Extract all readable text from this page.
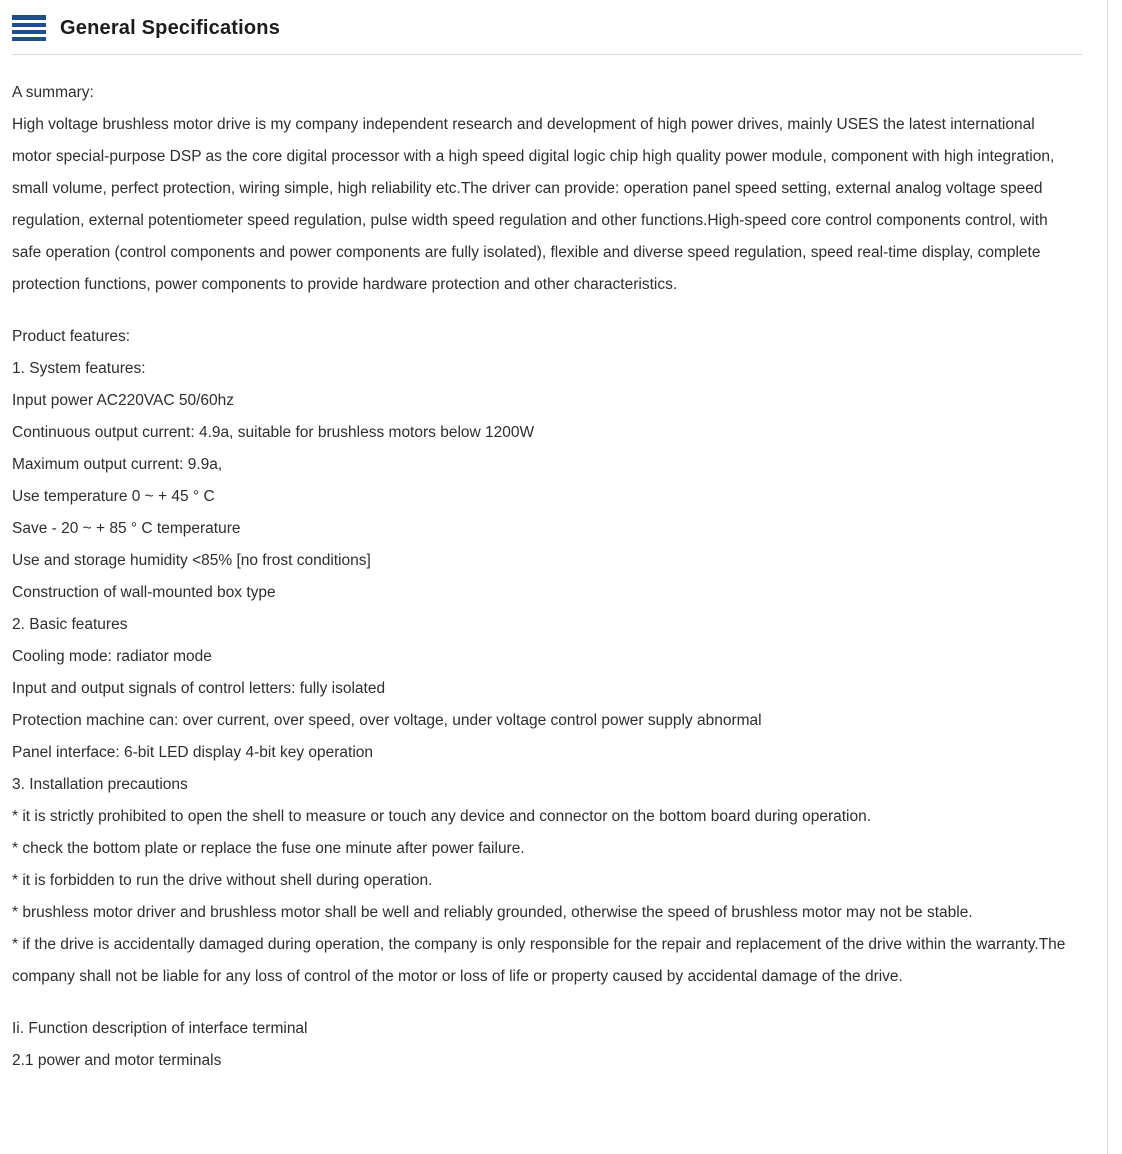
General Specifications

A summary:

High voltage brushless motor drive is my company independent research and development of high power drives, mainly USES the latest international motor special-purpose DSP as the core digital processor with a high speed digital logic chip high quality power module, component with high integration, small volume, perfect protection, wiring simple, high reliability etc.The driver can provide: operation panel speed setting, external analog voltage speed regulation, external potentiometer speed regulation, pulse width speed regulation and other functions.High-speed core control components control, with safe operation (control components and power components are fully isolated), flexible and diverse speed regulation, speed real-time display, complete protection functions, power components to provide hardware protection and other characteristics.

Product features:

1. System features:

Input power AC220VAC 50/60hz

Continuous output current: 4.9a, suitable for brushless motors below 1200W

Maximum output current: 9.9a,

Use temperature 0 ~ + 45 ° C

Save - 20 ~ + 85 ° C temperature

Use and storage humidity <85% [no frost conditions]

Construction of wall-mounted box type

2. Basic features

Cooling mode: radiator mode

Input and output signals of control letters: fully isolated

Protection machine can: over current, over speed, over voltage, under voltage control power supply abnormal

Panel interface: 6-bit LED display 4-bit key operation

3. Installation precautions

* it is strictly prohibited to open the shell to measure or touch any device and connector on the bottom board during operation.

* check the bottom plate or replace the fuse one minute after power failure.

* it is forbidden to run the drive without shell during operation.

* brushless motor driver and brushless motor shall be well and reliably grounded, otherwise the speed of brushless motor may not be stable.

* if the drive is accidentally damaged during operation, the company is only responsible for the repair and replacement of the drive within the warranty.The company shall not be liable for any loss of control of the motor or loss of life or property caused by accidental damage of the drive.

Ii. Function description of interface terminal

2.1 power and motor terminals
